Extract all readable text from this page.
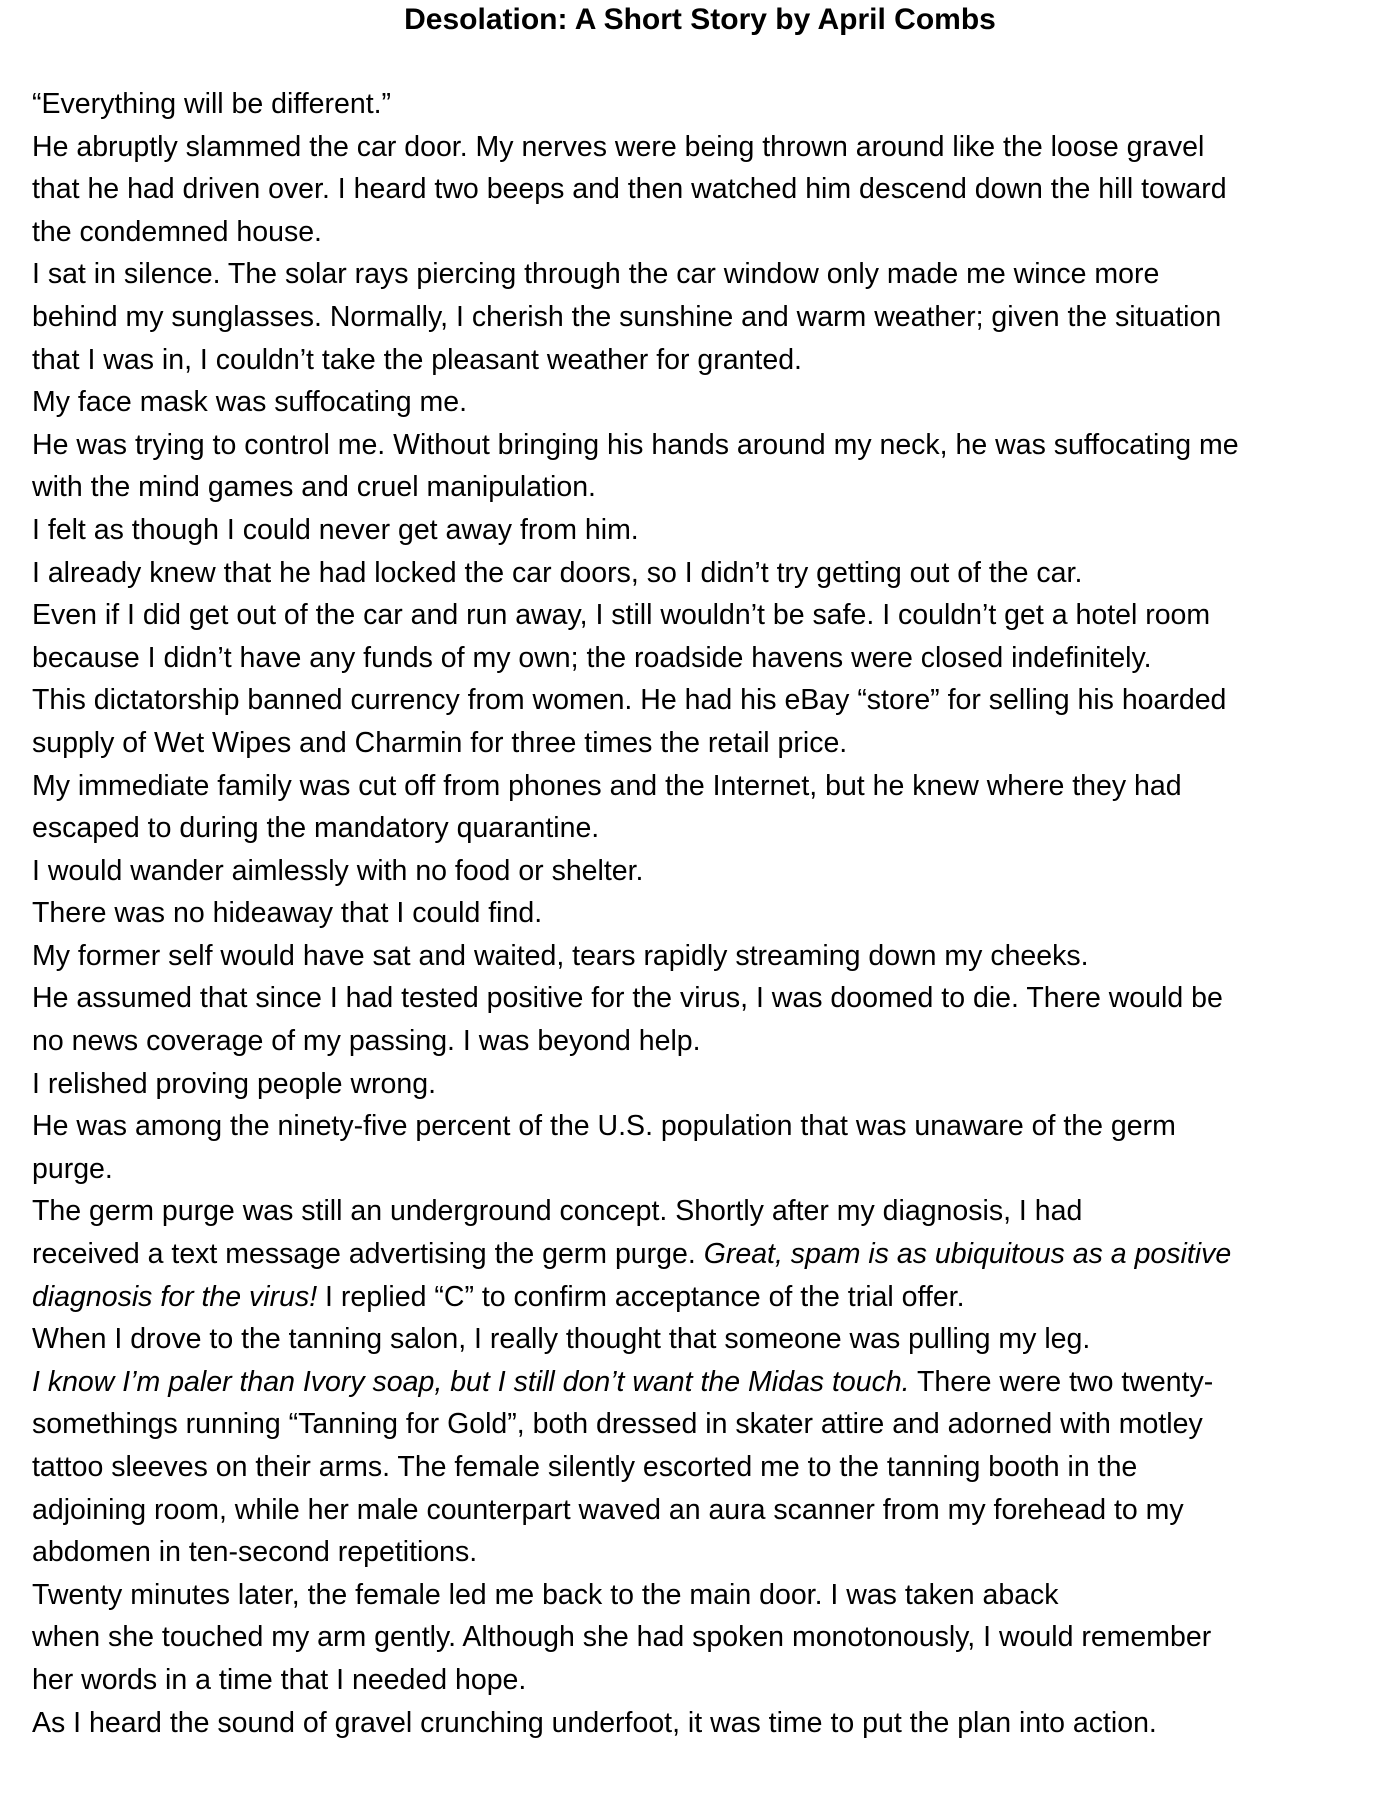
Desolation: A Short Story by April Combs
“Everything will be different.”
He abruptly slammed the car door. My nerves were being thrown around like the loose gravel
that he had driven over. I heard two beeps and then watched him descend down the hill toward
the condemned house.
I sat in silence. The solar rays piercing through the car window only made me wince more
behind my sunglasses. Normally, I cherish the sunshine and warm weather; given the situation
that I was in, I couldn’t take the pleasant weather for granted.
My face mask was suffocating me.
He was trying to control me. Without bringing his hands around my neck, he was suffocating me
with the mind games and cruel manipulation.
I felt as though I could never get away from him.
I already knew that he had locked the car doors, so I didn’t try getting out of the car.
Even if I did get out of the car and run away, I still wouldn’t be safe. I couldn’t get a hotel room
because I didn’t have any funds of my own; the roadside havens were closed indefinitely.
This dictatorship banned currency from women. He had his eBay “store” for selling his hoarded
supply of Wet Wipes and Charmin for three times the retail price.
My immediate family was cut off from phones and the Internet, but he knew where they had
escaped to during the mandatory quarantine.
I would wander aimlessly with no food or shelter.
There was no hideaway that I could find.
My former self would have sat and waited, tears rapidly streaming down my cheeks.
He assumed that since I had tested positive for the virus, I was doomed to die. There would be
no news coverage of my passing. I was beyond help.
I relished proving people wrong.
He was among the ninety-five percent of the U.S. population that was unaware of the germ
purge.
The germ purge was still an underground concept. Shortly after my diagnosis, I had
received a text message advertising the germ purge. Great, spam is as ubiquitous as a positive
diagnosis for the virus! I replied “C” to confirm acceptance of the trial offer.
When I drove to the tanning salon, I really thought that someone was pulling my leg.
I know I’m paler than Ivory soap, but I still don’t want the Midas touch. There were two twenty-
somethings running “Tanning for Gold”, both dressed in skater attire and adorned with motley
tattoo sleeves on their arms. The female silently escorted me to the tanning booth in the
adjoining room, while her male counterpart waved an aura scanner from my forehead to my
abdomen in ten-second repetitions.
Twenty minutes later, the female led me back to the main door. I was taken aback
when she touched my arm gently. Although she had spoken monotonously, I would remember
her words in a time that I needed hope.
As I heard the sound of gravel crunching underfoot, it was time to put the plan into action.
